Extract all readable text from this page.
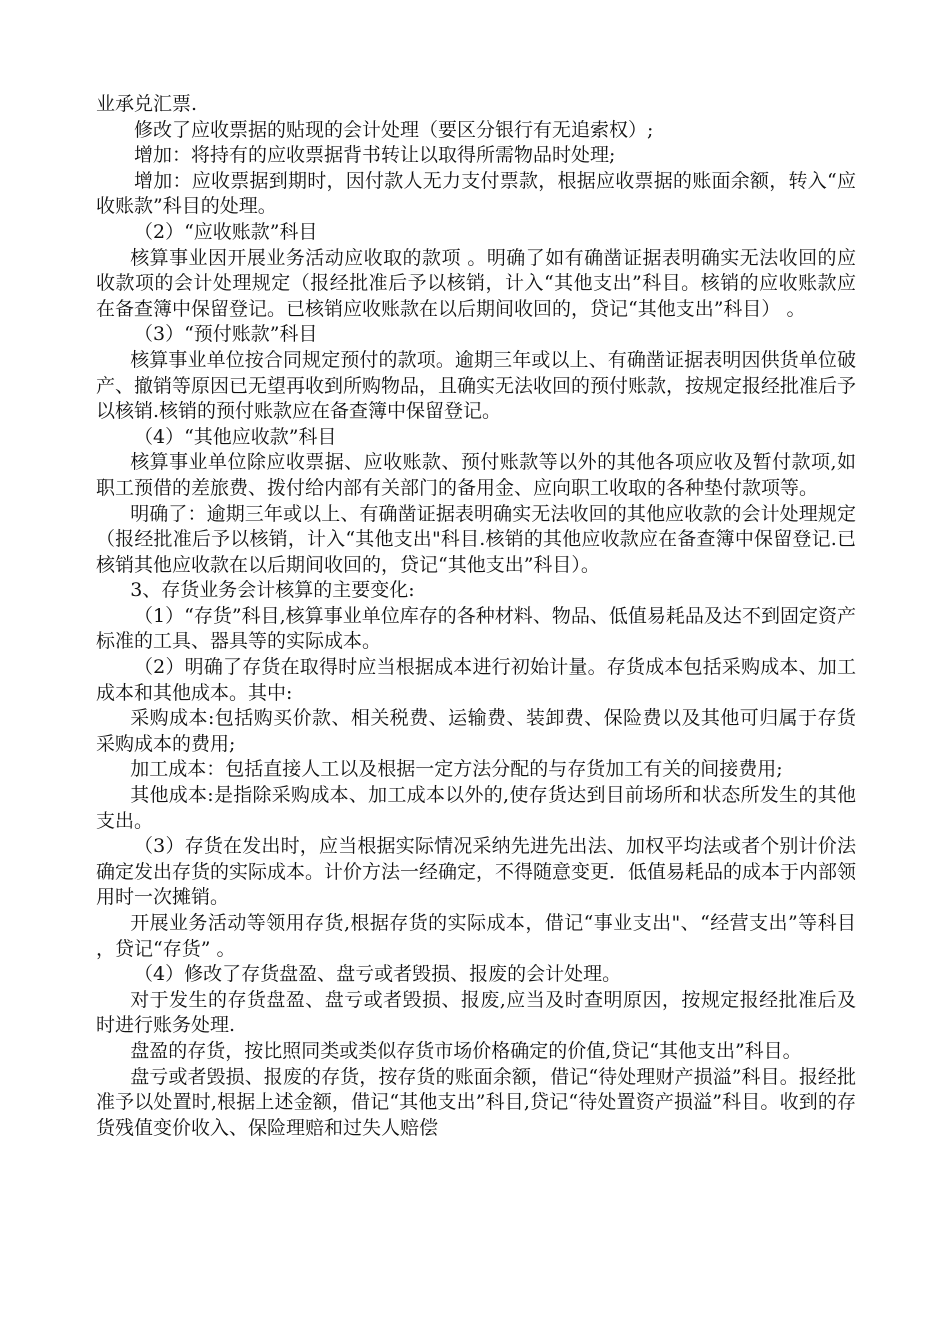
业承兑汇票.

修改了应收票据的贴现的会计处理（要区分银行有无追索权）;

增加：将持有的应收票据背书转让以取得所需物品时处理;

增加：应收票据到期时，因付款人无力支付票款，根据应收票据的账面余额，转入“应收账款”科目的处理。

（2）“应收账款”科目

核算事业因开展业务活动应收取的款项 。明确了如有确凿证据表明确实无法收回的应收款项的会计处理规定（报经批准后予以核销，计入“其他支出”科目。核销的应收账款应在备查簿中保留登记。已核销应收账款在以后期间收回的，贷记“其他支出”科目） 。

（3）“预付账款”科目

核算事业单位按合同规定预付的款项。逾期三年或以上、有确凿证据表明因供货单位破产、撤销等原因已无望再收到所购物品，且确实无法收回的预付账款，按规定报经批准后予以核销.核销的预付账款应在备查簿中保留登记。

（4）“其他应收款”科目

核算事业单位除应收票据、应收账款、预付账款等以外的其他各项应收及暂付款项,如职工预借的差旅费、拨付给内部有关部门的备用金、应向职工收取的各种垫付款项等。

明确了：逾期三年或以上、有确凿证据表明确实无法收回的其他应收款的会计处理规定（报经批准后予以核销，计入“其他支出"科目.核销的其他应收款应在备查簿中保留登记.已核销其他应收款在以后期间收回的，贷记“其他支出”科目）。

3、存货业务会计核算的主要变化:

（1）“存货”科目,核算事业单位库存的各种材料、物品、低值易耗品及达不到固定资产标准的工具、器具等的实际成本。

（2）明确了存货在取得时应当根据成本进行初始计量。存货成本包括采购成本、加工成本和其他成本。其中:

采购成本:包括购买价款、相关税费、运输费、装卸费、保险费以及其他可归属于存货采购成本的费用;

加工成本：包括直接人工以及根据一定方法分配的与存货加工有关的间接费用;

其他成本:是指除采购成本、加工成本以外的,使存货达到目前场所和状态所发生的其他支出。

（3）存货在发出时，应当根据实际情况采纳先进先出法、加权平均法或者个别计价法确定发出存货的实际成本。计价方法一经确定，不得随意变更．低值易耗品的成本于内部领用时一次摊销。

开展业务活动等领用存货,根据存货的实际成本，借记“事业支出"、“经营支出”等科目 ，贷记“存货” 。

（4）修改了存货盘盈、盘亏或者毁损、报废的会计处理。

对于发生的存货盘盈、盘亏或者毁损、报废,应当及时查明原因，按规定报经批准后及时进行账务处理.

盘盈的存货，按比照同类或类似存货市场价格确定的价值,贷记“其他支出”科目。

盘亏或者毁损、报废的存货，按存货的账面余额，借记“待处理财产损溢”科目。报经批准予以处置时,根据上述金额，借记“其他支出”科目,贷记“待处置资产损溢”科目。收到的存货残值变价收入、保险理赔和过失人赔偿
